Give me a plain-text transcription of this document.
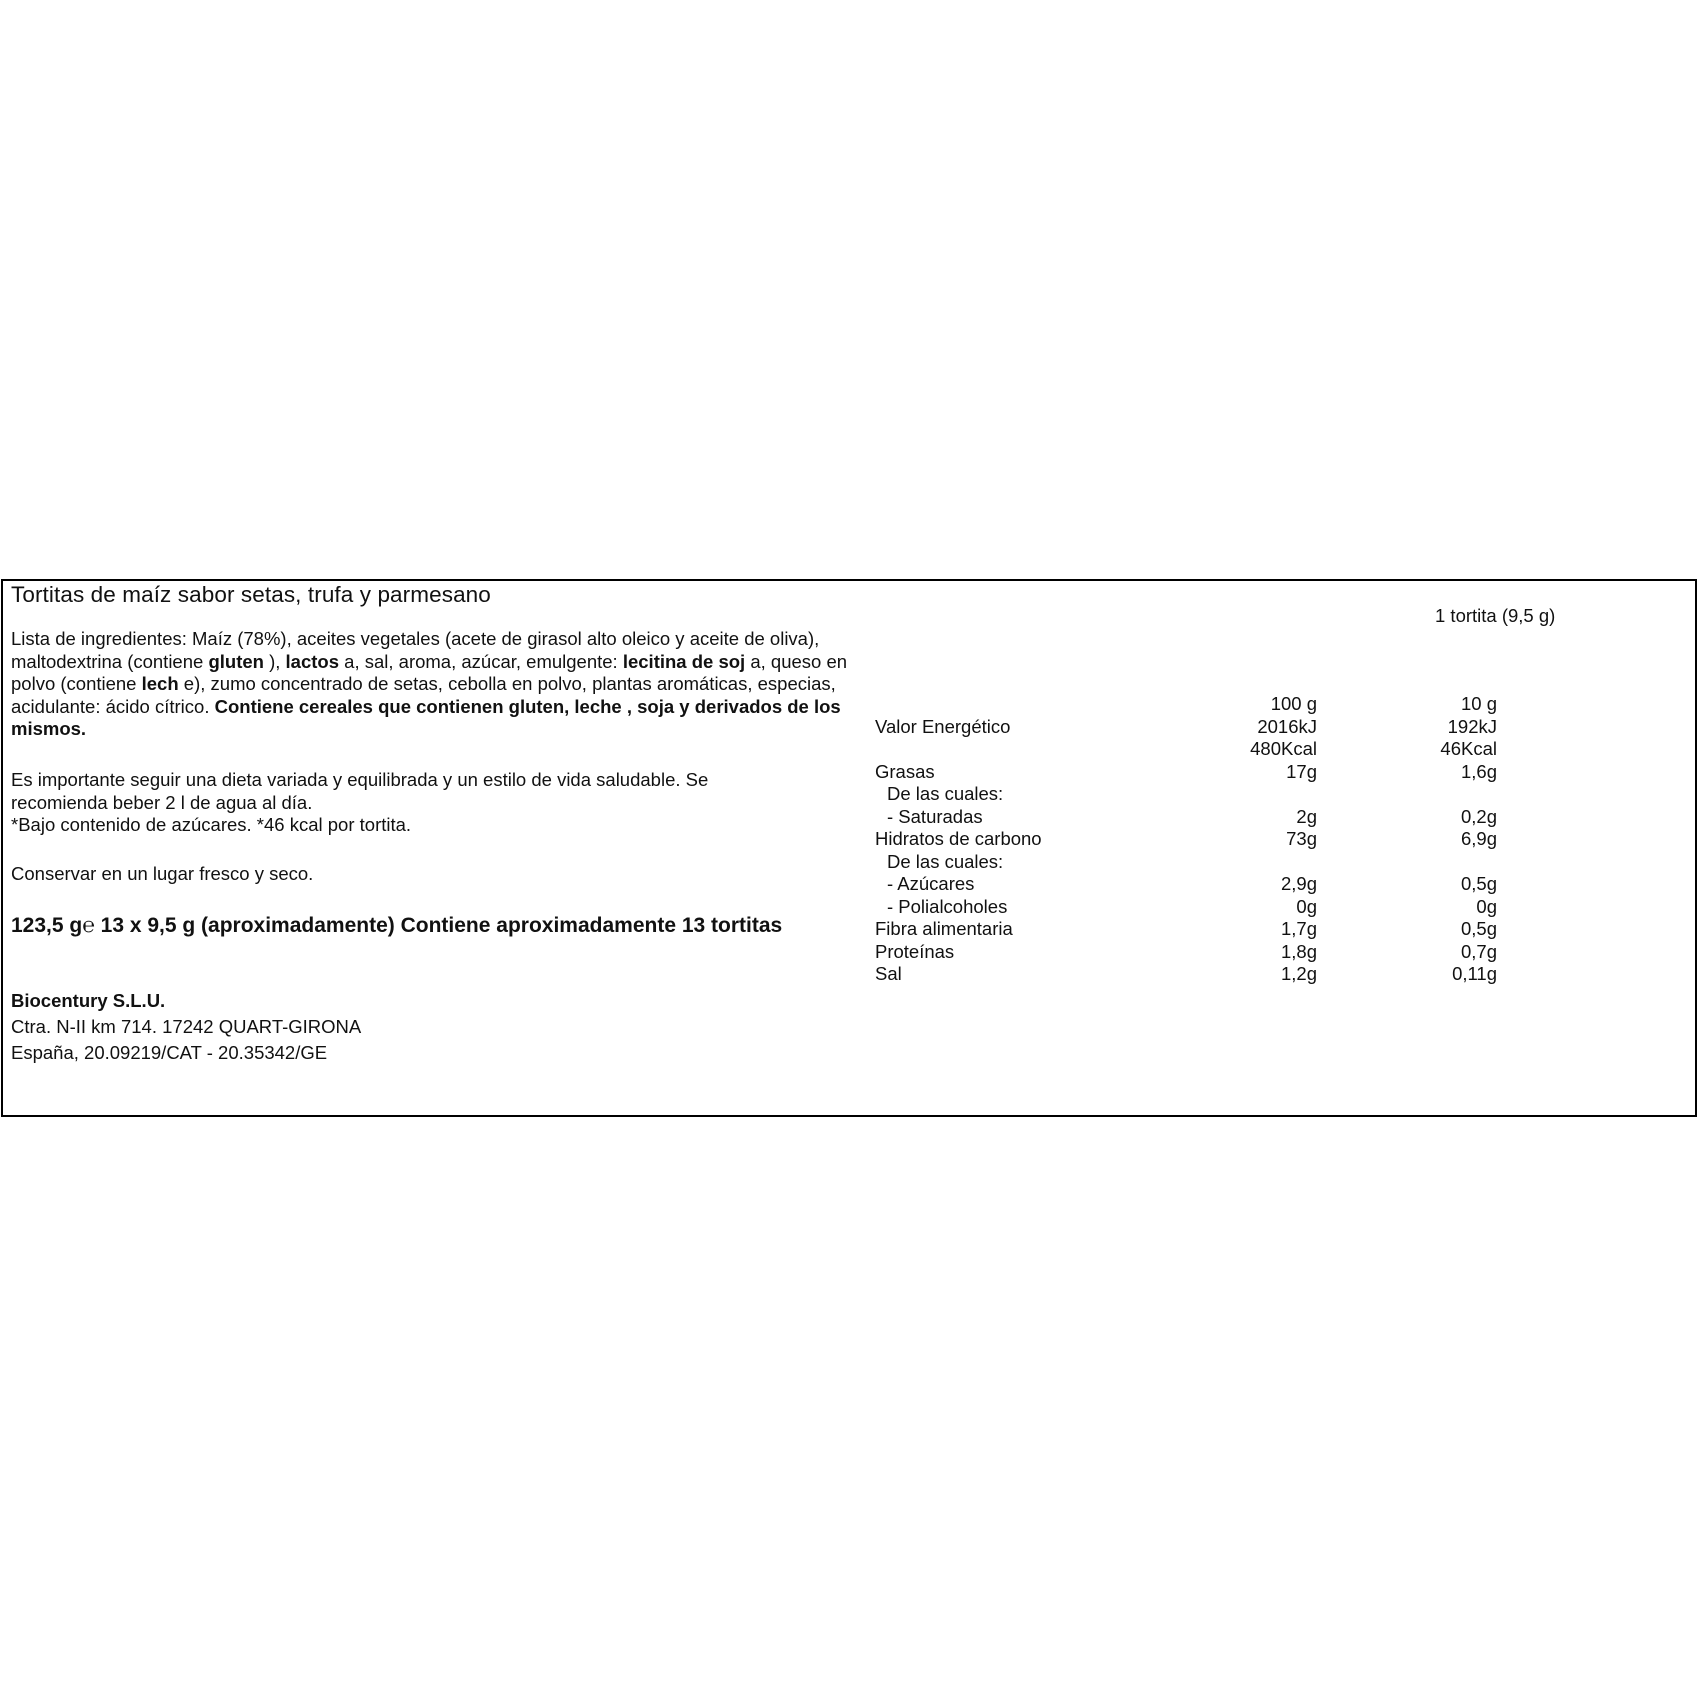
Tortitas de maíz sabor setas, trufa y parmesano

Lista de ingredientes: Maíz (78%), aceites vegetales (acete de girasol alto oleico y aceite de oliva), maltodextrina (contiene gluten ), lactos a, sal, aroma, azúcar, emulgente: lecitina de soj a, queso en polvo (contiene lech e), zumo concentrado de setas, cebolla en polvo, plantas aromáticas, especias, acidulante: ácido cítrico. Contiene cereales que contienen gluten, leche , soja y derivados de los mismos.

Es importante seguir una dieta variada y equilibrada y un estilo de vida saludable. Se recomienda beber 2 l de agua al día.
*Bajo contenido de azúcares. *46 kcal por tortita.

Conservar en un lugar fresco y seco.

123,5 g℮ 13 x 9,5 g (aproximadamente) Contiene aproximadamente 13 tortitas

Biocentury S.L.U.
Ctra. N-II km 714. 17242 QUART-GIRONA
España, 20.09219/CAT - 20.35342/GE

1 tortita (9,5 g)
	100 g		10 g
Valor Energético	2016kJ		192kJ
	480Kcal		46Kcal
Grasas	17g		1,6g
De las cuales:			
- Saturadas	2g		0,2g
Hidratos de carbono	73g		6,9g
De las cuales:			
- Azúcares	2,9g		0,5g
- Polialcoholes	0g		0g
Fibra alimentaria	1,7g		0,5g
Proteínas	1,8g		0,7g
Sal	1,2g		0,11g
